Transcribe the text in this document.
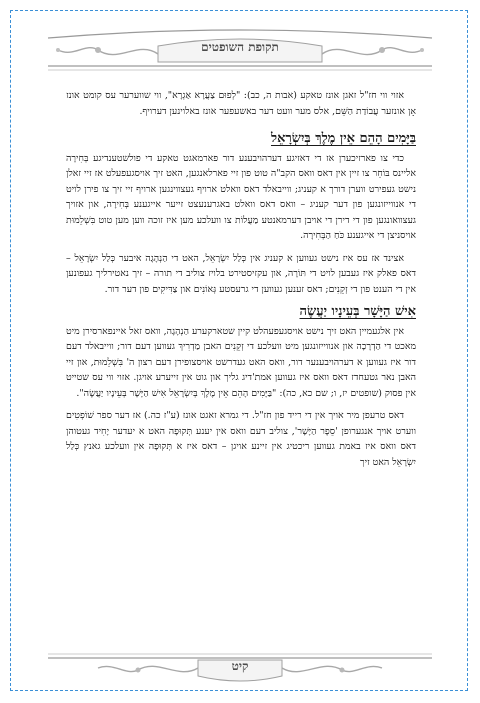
תקופת השופטים

אזוי ווי חז"ל זאגן אונז טאקע (אבות ה, כב): "לְפוּם צַעֲרָא אַגְרָא", ווי שווערער עס קומט אונז אָן אונזער עֲבוֹדַת הַשֵּׁם, אלס מער וועט דער באשעפער אונז באלוינען דערויף.

בַּיָּמִים הָהֵם אֵין מֶלֶךְ בְּיִשְׂרָאֵל

כדי צו פארזיכערן אז די דאזיגע דערהויבענע דור פארמאגט טאקע די פולשטענדיגע בְּחִירָה אליינס בּוֹחֵר צו זיין אין דאס וואס הקב"ה טוט פון זיי פארלאנגען, האט זיך אויסגעפעלט אז זיי זאלן נישט געפירט ווערן דורך א קעניג; ווייבאלד דאס וואלט ארויף געצווינגען ארויף זיי זיך צו פירן לויט די אנווייזונגען פון דער קעניג – וואס דאס וואלט באגרענעצט זייער אייגענע בְּחִירָה, און אזויך געצוואונגען פון די דירן די אויבן דערמאנטע מַעֲלוֹת צו וועלכע מען איז זוכה ווען מען טוט בִּשְׁלֵמוּת אויסניצן די אייגענע כֹּחַ הַבְּחִירָה.

אצינד אז עס איז נישט געווען א קעניג אין כְּלַל יִשְׂרָאֵל, האט די הַנְהָגָה איבער כְּלַל יִשְׂרָאֵל – דאס פאלק איז געבען לויט די תּוֹרָה, און עקזיסטירט בלויז צוליב די תורה – זיך נאטירליך געפונען אין די הענט פון די זְקֵנִים; דאס זענען געווען די גרעסטע גְּאוֹנִים און צַדִּיקִים פון דער דור.

אִישׁ הַיָּשָׁר בְּעֵינָיו יַעֲשֶׂה

אין אלגעמיין האט זיך נישט אויסגעפעהלט קיין שטארקערע הַנְהָגָה, וואס זאל איינפארסירן מיט מאכט די הַדְרָכָה און אנווייזונגען מיט וועלכע די זְקֵנִים האבן מַדְרִיךְ געווען דעם דור; ווייבאלד דעם דור איז געווען א דערהויבענער דור, וואס האט געדרשט אויסצופירן דעם רצון ה' בִּשְׁלֵמוּת, און זיי האבן נאר גטעחדז דאס וואס איז געווען אמת'דיג גליך און גוט אין זייערע אויגן. אזוי ווי עס שטייט אין פסוק (שופטים יז, ו; שם כא, כה): "בַּיָּמִים הָהֵם אֵין מֶלֶךְ בְּיִשְׂרָאֵל אִישׁ הַיָּשָׁר בְּעֵינָיו יַעֲשֶׂה".

דאס טרעפן מיר אויך אין די רייד פון חז"ל. די גמרא זאגט אונז (ע"ז כה.) אז דער ספר שׁוֹפְטִים ווערט אויך אנגערופן 'סֵפֶר הַיָּשָׁר', צוליב דעם וואס אין יענע תְּקוּפָה האט א יעדער יָחִיד געטוהן דאס וואס איז באמת געווען ריכטיג אין זיינע אויגן – דאס איז א תְּקוּפָה אין וועלכע גאנץ כְּלַל יִשְׂרָאֵל האט זיך

קיט
